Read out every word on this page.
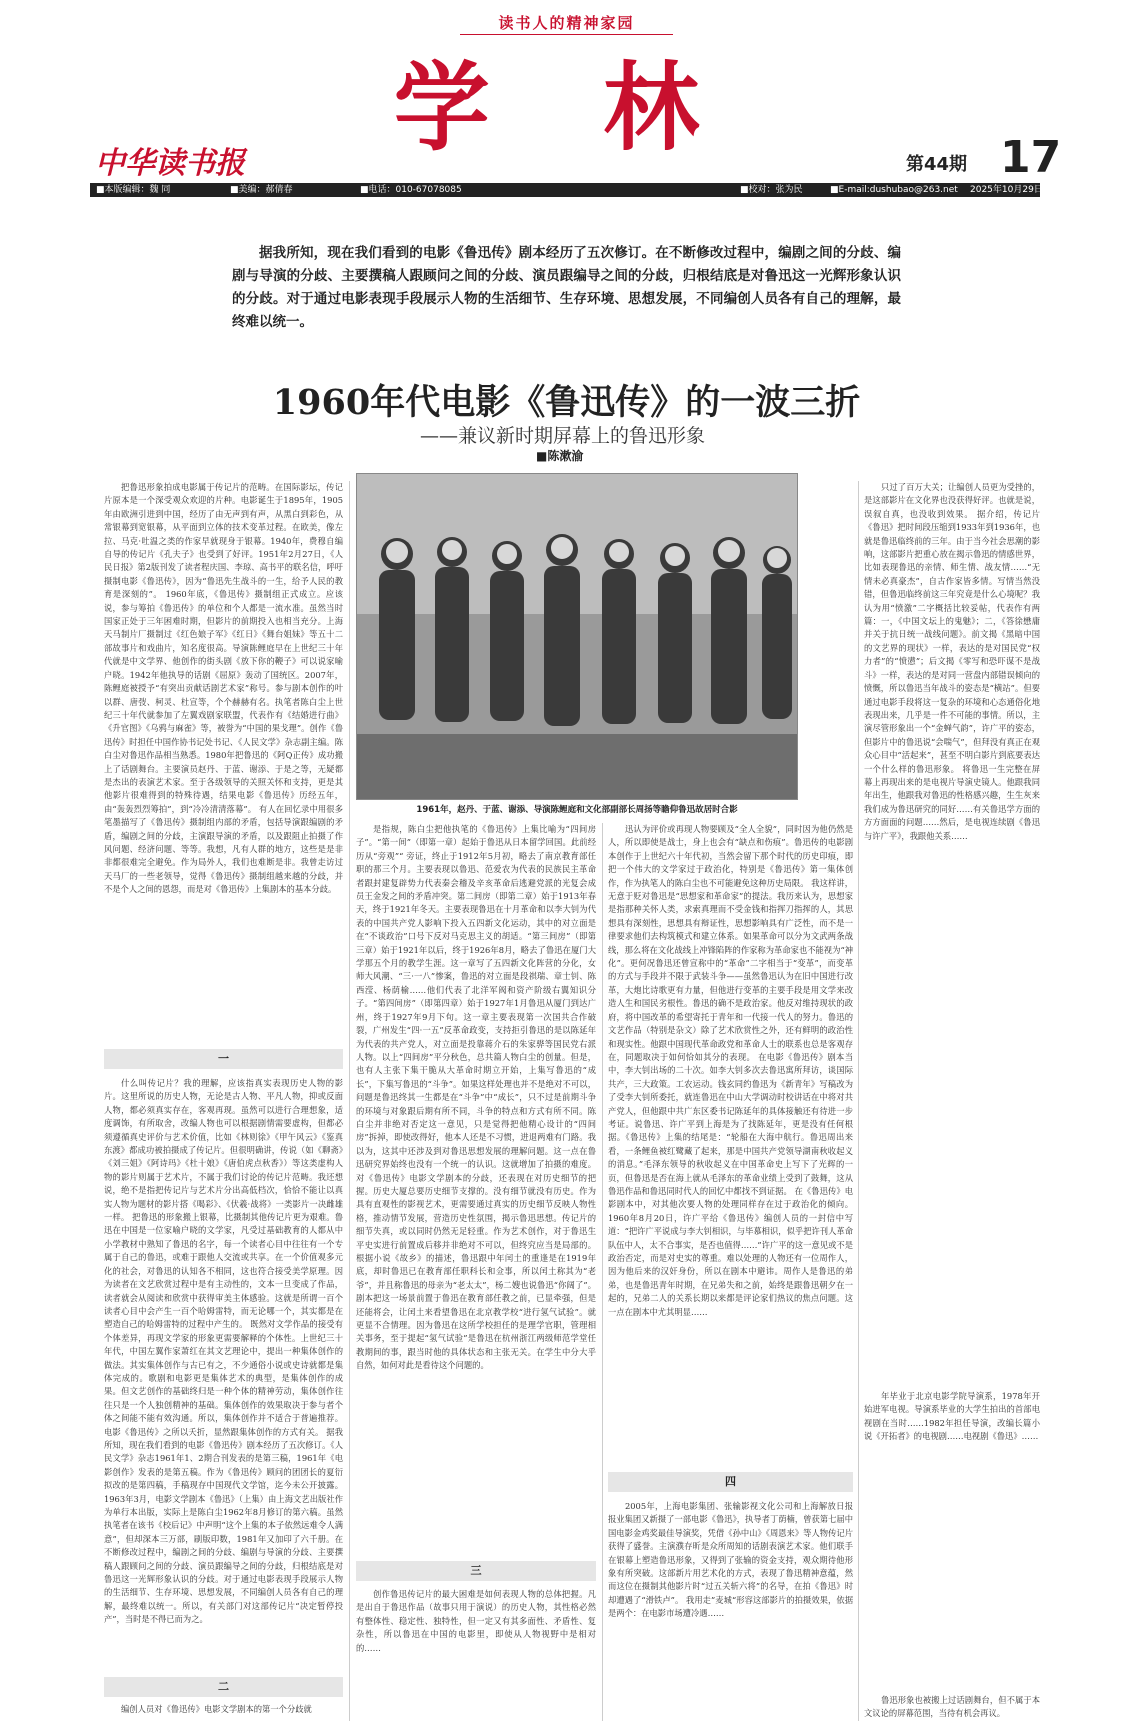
读书人的精神家园
学 林
中华读书报	第44期 17
■本版编辑：魏 同	■美编：郝倩春	■电话：010-67078085	■校对：张为民	■E-mail:dushubao@263.net 2025年10月29日
据我所知，现在我们看到的电影《鲁迅传》剧本经历了五次修订。在不断修改过程中，编剧之间的分歧、编剧与导演的分歧、主要撰稿人跟顾问之间的分歧、演员跟编导之间的分歧，归根结底是对鲁迅这一光辉形象认识的分歧。对于通过电影表现手段展示人物的生活细节、生存环境、思想发展，不同编创人员各有自己的理解，最终难以统一。
1960年代电影《鲁迅传》的一波三折
——兼议新时期屏幕上的鲁迅形象
■陈漱渝

把鲁迅形象拍成电影属于传记片的范畴。在国际影坛，传记片原本是一个深受观众欢迎的片种。电影诞生于1895年，1905年由欧洲引进到中国，经历了由无声到有声，从黑白到彩色，从常银幕到宽银幕，从平面到立体的技术变革过程。在欧美，像左拉、马克·吐温之类的作家早就现身于银幕。1940年，费穆自编自导的传记片《孔夫子》也受到了好评。1951年2月27日，《人民日报》第2版刊发了读者程庆国、李琼、高书平的联名信，呼吁摄制电影《鲁迅传》，因为“鲁迅先生战斗的一生，给予人民的教育是深刻的”。 1960年底，《鲁迅传》摄制组正式成立。应该说，参与筹拍《鲁迅传》的单位和个人都是一流水准。虽然当时国家正处于三年困难时期，但影片的前期投入也相当充分。上海天马制片厂摄制过《红色娘子军》《红日》《舞台姐妹》等五十二部故事片和戏曲片，知名度很高。导演陈鲤庭早在上世纪三十年代就是中文学界、他创作的街头剧《放下你的鞭子》可以说家喻户晓。1942年他执导的话剧《屈原》轰动了国统区。2007年，陈鲤庭被授予“有突出贡献话剧艺术家”称号。参与剧本创作的叶以群、唐弢、柯灵、杜宣等，个个赫赫有名。执笔者陈白尘上世纪三十年代就参加了左翼戏剧家联盟，代表作有《结婚进行曲》《升官图》《乌鸦与麻雀》等，被誉为“中国的果戈理”。创作《鲁迅传》时担任中国作协书记处书记、《人民文学》杂志副主编。陈白尘对鲁迅作品相当熟悉。1980年把鲁迅的《阿Q正传》成功搬上了话剧舞台。主要演员赵丹、于蓝、谢添、于是之等，无疑都是杰出的表演艺术家。至于各级领导的关照关怀和支持，更是其他影片很难得到的特殊待遇，结果电影《鲁迅传》历经五年，由“轰轰烈烈筹拍”，到“冷冷清清落幕”。 有人在回忆录中用很多笔墨描写了《鲁迅传》摄制组内部的矛盾，包括导演跟编剧的矛盾，编剧之间的分歧，主演跟导演的矛盾，以及跟阻止拍摄了作风问题、经济问题、等等。我想，凡有人群的地方，这些是是非非都很难完全避免。作为局外人，我们也难断是非。我曾走访过天马厂的一些老领导，觉得《鲁迅传》摄制组越来越的分歧，并不是个人之间的恩怨，而是对《鲁迅传》上集剧本的基本分歧。

一

什么叫传记片？我的理解，应该指真实表现历史人物的影片。这里所说的历史人物，无论是古人物、平凡人物，抑或反面人物，都必须真实存在，客观再现。虽然可以进行合理想象，适度调饰，有所取舍，改编人物也可以根据剧情需要虚构，但都必须遵循真史评价与艺术价值，比如《林则徐》《甲午风云》《鉴真东渡》都成功被拍摄成了传记片。但很明确讲，传说（如《聊斋》《刘三姐》《阿诗玛》《杜十娘》《唐伯虎点秋香》）等这类虚构人物的影片则属于艺术片，不属于我们讨论的传记片范畴。我还想说，绝不是指把传记片与艺术片分出高低档次，恰恰不能让以真实人物为题材的影片搭《喝彩》、《伏羲·战将》一类影片一决雌雄一样。 把鲁迅的形象搬上银幕，比摄制其他传记片更为艰难。鲁迅在中国是一位家喻户晓的文学家，凡受过基础教育的人都从中小学教材中熟知了鲁迅的名字，每一个读者心目中往往有一个专属于自己的鲁迅，或难于跟他人交流或共享。在一个价值观多元化的社会，对鲁迅的认知各不相同，这也符合接受美学原理。因为读者在文艺欣赏过程中是有主动性的，文本一旦变成了作品，读者就会从阅读和欣赏中获得审美主体感验。这就是所谓一百个读者心目中会产生一百个哈姆雷特，而无论哪一个，其实都是在塑造自己的哈姆雷特的过程中产生的。 既然对文学作品的接受有个体差异，再现文学家的形象更需要解释的个体性。上世纪三十年代，中国左翼作家萧红在其文艺理论中，提出一种集体创作的做法。其实集体创作与古已有之，不少通俗小说或史诗就都是集体完成的。歌剧和电影更是集体艺术的典型，是集体创作的成果。但文艺创作的基础终归是一种个体的精神劳动，集体创作往往只是一个人独创精神的基础。集体创作的效果取决于参与者个体之间能不能有效沟通。所以，集体创作并不适合于普遍推荐。电影《鲁迅传》之所以夭折，显然跟集体创作的方式有关。 据我所知，现在我们看到的电影《鲁迅传》剧本经历了五次修订。《人民文学》杂志1961年1、2期合刊发表的是第三稿，1961年《电影创作》发表的是第五稿。作为《鲁迅传》顾问的团团长的夏衍拟改的是第四稿，手稿现存中国现代文学馆，迄今未公开披露。1963年3月，电影文学剧本《鲁迅》（上集）由上海文艺出版社作为单行本出版，实际上是陈白尘1962年8月修订的第六稿。虽然执笔者在该书《校后记》中声明“这个上集的本子依然远难令人满意”，但却深本三万部，刷版印数，1981年又加印了六千册。在不断修改过程中，编剧之间的分歧、编剧与导演的分歧、主要撰稿人跟顾问之间的分歧、演员跟编导之间的分歧，归根结底是对鲁迅这一光辉形象认识的分歧。对于通过电影表现手段展示人物的生活细节、生存环境、思想发展，不同编创人员各有自己的理解，最终难以统一。所以，有关部门对这部传记片“决定暂停投产”，当时是不得已而为之。

二

编创人员对《鲁迅传》电影文学剧本的第一个分歧就

1961年，赵丹、于蓝、谢添、导演陈鲤庭和文化部副部长周扬等瞻仰鲁迅故居时合影

是指规，陈白尘把他执笔的《鲁迅传》上集比喻为“四间房子”。“第一间”（即第一章）起始于鲁迅从日本留学回国。此前经历从“旁观”“ 旁证，终止于1912年5月初，略去了南京教育部任职的那三个月。主要表现以鲁迅、范爱农为代表的民族民主革命者跟封建复辟势力代表秦会稽及辛亥革命后逃避党派的光复会成员王金发之间的矛盾冲突。第二间房（即第二章）始于1913年春天，终于1921年冬天。主要表现鲁迅在十月革命和以李大钊为代表的中国共产党人影响下投入五四新文化运动，其中的对立面是在“不谈政治”口号下反对马克思主义的胡适。“第三间房”（即第三章）始于1921年以后，终于1926年8月，略去了鲁迅在厦门大学那五个月的教学生涯。这一章写了五四新文化阵营的分化，女师大风潮、“三·一八”惨案，鲁迅的对立面是段祺瑞、章士钊、陈西滢、杨荫榆……他们代表了北洋军阀和资产阶级右翼知识分子。“第四间房”（即第四章）始于1927年1月鲁迅从厦门到达广州，终于1927年9月下旬。这一章主要表现第一次国共合作破裂，广州发生“四·一五”反革命政变，支持拒引鲁迅的是以陈延年为代表的共产党人，对立面是投靠蒋介石的朱家骅等国民党右派人物。以上“四间房”平分秋色，总共篇人物白尘的创量。但是，也有人主张下集干脆从大革命时期立开始，上集写鲁迅的“成长”，下集写鲁迅的“斗争”。如果这样处理也并不是绝对不可以，问题是鲁迅终其一生都是在“斗争”中“成长”，只不过是前期斗争的环境与对象跟后期有所不同，斗争的特点和方式有所不同。陈白尘并非绝对否定这一意见，只是觉得把他精心设计的“四间房”拆掉，即使改得好，他本人还是不习惯，进退两难有门路。我以为，这其中还涉及到对鲁迅思想发展的理解问题。这一点在鲁迅研究界始终也没有一个统一的认识。这就增加了拍摄的难度。 对《鲁迅传》电影文学剧本的分歧，还表现在对历史细节的把握。历史大厦总要历史细节支撑的。没有细节就没有历史。作为具有直观性的影视艺术，更需要通过真实的历史细节反映人物性格，推动情节发展，营造历史性氛围，揭示鲁迅思想。传记片的细节失真，或以同时仍然无足轻重。作为艺术创作，对于鲁迅生平史实进行前置成后移并非绝对不可以，但终究应当是局部的。根据小说《故乡》的描述，鲁迅跟中年闰土的重逢是在1919年底，却时鲁迅已在教育部任职科长和佥事，所以闰土称其为“老爷”，并且称鲁迅的母亲为“老太太”，杨二嫂也说鲁迅“你阔了”。剧本把这一场景前置于鲁迅在教育部任教之前，已显牵强，但是还能将会，让闰土来看望鲁迅在北京教学校“进行氢气试验”。就更显不合情理。因为鲁迅在这所学校担任的是理学官职，管理相关事务，至于提起“氢气试验”是鲁迅在杭州浙江两级师范学堂任教期间的事，跟当时他的具体状态和主张无关。在学生中分大乎自然，如何对此是看待这个问题的。

三

创作鲁迅传记片的最大困难是如何表现人物的总体把握。凡是出自于鲁迅作品（故事只用于演说）的历史人物，其性格必然有整体性、稳定性、独特性，但一定又有其多面性、矛盾性、复杂性，所以鲁迅在中国的电影里，即使从人物视野中是相对的……

迅认为评价或再现人物要顾及“全人全貌”，同时因为他仍然是人，所以即使是战士，身上也会有“缺点和伤痕”。鲁迅传的电影剧本创作于上世纪六十年代初，当然会留下那个时代的历史印痕，即把一个伟大的文学家过于政治化，特别是《鲁迅传》第一集体创作，作为执笔人的陈白尘也不可能避免这种历史局限。 我这样讲，无意于贬对鲁迅是“思想家和革命家”的提法。我历来认为，思想家是指那种关怀人类，求索真理而不受金钱和指挥刀指挥的人，其思想具有深刻性，思想具有辩证性，思想影响具有广泛性，而不是一律要求他们去构筑模式和建立体系。如果革命可以分为文武两条战线，那么将在文化战线上冲锋陷阵的作家称为革命家也不能视为“神化”。更何况鲁迅还曾宣称中的“革命”二字相当于“变革”，而变革的方式与手段并不限于武装斗争——虽然鲁迅认为在旧中国进行改革，大炮比诗歌更有力量，但他进行变革的主要手段是用文学来改造人生和国民劣根性。鲁迅的确不是政治家。他反对维持现状的政府，将中国改革的希望寄托于青年和一代接一代人的努力。鲁迅的文艺作品（特别是杂文）除了艺术欣赏性之外，还有鲜明的政治性和现实性。他跟中国现代革命政党和革命人士的联系也总是客观存在，同题取决于如何恰如其分的表现。 在电影《鲁迅传》剧本当中，李大钊出场的二十次。如李大钊多次去鲁迅寓所拜访，谈国际共产，三大政策。工农运动。钱玄同约鲁迅为《新青年》写稿改为了受李大钊所委托，就连鲁迅在中山大学调动时校讲话在中将对共产党人，但他跟中共广东区委书记陈延年的具体接触还有待进一步考证。说鲁迅、许广平到上海是为了找陈延年，更是没有任何根据。《鲁迅传》上集的结尾是：“轮船在大海中航行。鲁迅周出来看，一条鲤鱼被红鹭藏了起来，那是中国共产党领导湖南秋收起义的消息。”毛泽东领导的秋收起义在中国革命史上写下了光辉的一页，但鲁迅是否在海上就从毛泽东的革命业绩上受到了鼓舞，这从鲁迅作品和鲁迅同时代人的回忆中都找不到证据。 在《鲁迅传》电影剧本中，对其他次要人物的处理同样存在过于政治化的倾向。1960年8月20日，许广平给《鲁迅传》编创人员的一封信中写道：“把许广平说成与李大钊相识，与毕慕相识，似乎把许刊人革命队伍中人，太不合事实，是否也值得……”许广平的这一意见或不是政治否定，而是对史实的尊重。难以处理的人物还有一位周作人，因为他后来的汉奸身份，所以在剧本中避讳。周作人是鲁迅的弟弟，也是鲁迅青年时期，在兄弟失和之前，始终是跟鲁迅朝夕在一起的，兄弟二人的关系长期以来都是评论家们热议的焦点问题。这一点在剧本中尤其明显……

四

2005年，上海电影集团、张输影视文化公司和上海解放日报报业集团又新摄了一部电影《鲁迅》，执导者丁荫楠，曾获第七届中国电影金鸡奖最佳导演奖，凭借《孙中山》《周恩来》等人物传记片获得了盛誉。主演濮存昕是众所周知的话剧表演艺术家。他们联手在银幕上塑造鲁迅形象，又得到了张输的资金支持，观众期待他形象有所突破。这部新片用艺术化的方式，表现了鲁迅精神意蕴，然而这位在摄制其他影片时“过五关斩六将”的名导，在拍《鲁迅》时却遭遇了“滑铁卢”。 我用走”麦城“形容这部影片的拍摄效果，依据是两个：在电影市场遭冷遇……

只过了百万大关；让编创人员更为受挫的，是这部影片在文化界也没获得好评。也就是说，误叙自真，也没收到效果。 据介绍，传记片《鲁迅》把时间段压缩到1933年到1936年，也就是鲁迅临终前的三年。由于当今社会思潮的影响，这部影片把重心放在揭示鲁迅的情感世界，比如表现鲁迅的亲情、师生情、战友情……“无情未必真豪杰”，自古作家皆多情。写情当然没错，但鲁迅临终前这三年究竟是什么心境呢？我认为用“愤激”二字概括比较妥帖，代表作有两篇：一，《中国文坛上的鬼魅》；二，《答徐懋庸并关于抗日统一战线问题》。前文揭《黑暗中国的文艺界的现状》一样，表达的是对国民党“权力者”的“愤懑”；后文揭《零写和恐吓谋不是战斗》一样，表达的是对同一营盘内部错误倾向的愤慨，所以鲁迅当年战斗的姿态是“横站”。但要通过电影手段将这一复杂的环境和心态通俗化地表现出来，几乎是一件不可能的事情。所以，主演尽管形象出一个“金蝉气韵”，许广平的姿态，但影片中的鲁迅说“会喘气”，但拜没有真正在观众心目中“活起来”，甚至不明白影片到底要表达一个什么样的鲁迅形象。 将鲁迅一生完整在屏幕上再现出来的是电视片导演史镜人。他跟我同年出生，他跟我对鲁迅的性格感兴趣，生生灰来我们成为鲁迅研究的同好……有关鲁迅学方面的方方面面的问题……然后，是电视连续剧《鲁迅与许广平》，我跟他关系……

年毕业于北京电影学院导演系，1978年开始进军电视。导演系毕业的大学生拍出的首部电视剧在当时……1982年担任导演，改编长篇小说《开拓者》的电视剧……电视剧《鲁迅》……

鲁迅形象也被搬上过话剧舞台，但不属于本文议论的屏幕范围，当待有机会再议。
